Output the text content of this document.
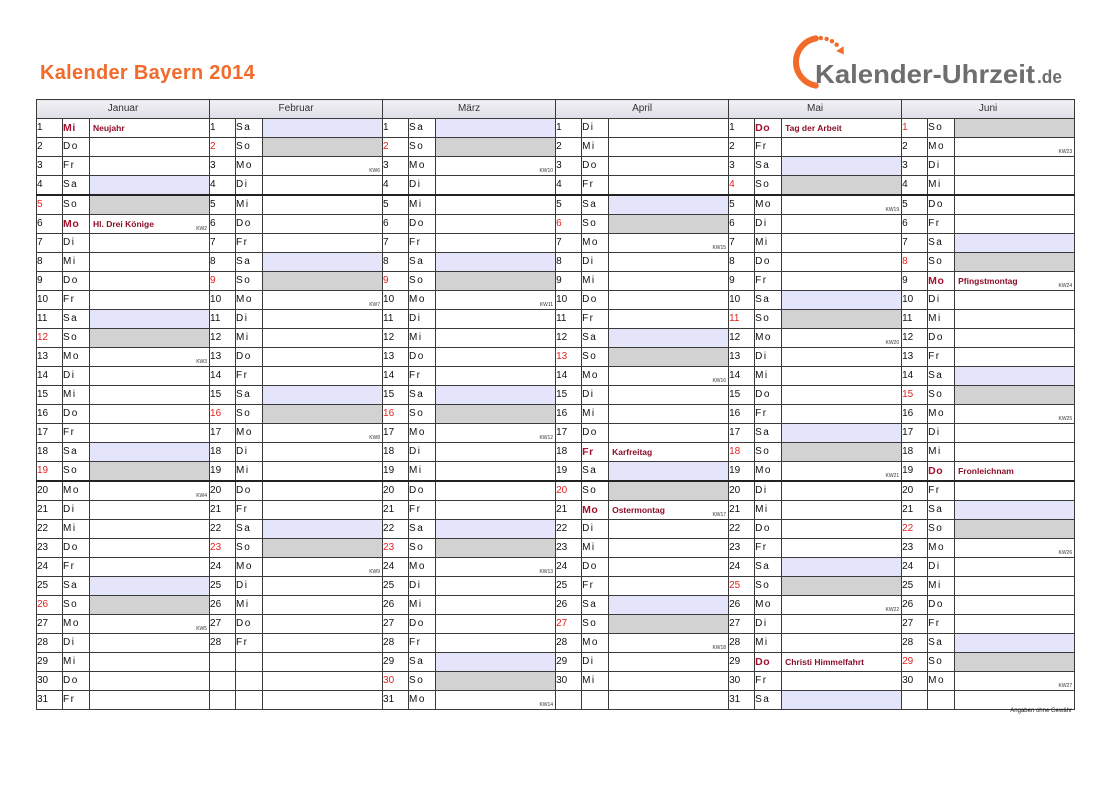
Kalender Bayern 2014	Kalender-Uhrzeit .de
Januar			Februar			März			April			Mai			Juni		
1	Mi	Neujahr	1	Sa		1	Sa		1	Di		1	Do	Tag der Arbeit	1	So	

2	Do		2	So		2	So		2	Mi		2	Fr		2	Mo	KW23

3	Fr		3	Mo	KW6	3	Mo	KW10	3	Do		3	Sa		3	Di	

4	Sa		4	Di		4	Di		4	Fr		4	So		4	Mi	

5	So		5	Mi		5	Mi		5	Sa		5	Mo	KW19	5	Do	

6	Mo	Hl. Drei Könige KW2	6	Do		6	Do		6	So		6	Di		6	Fr	

7	Di		7	Fr		7	Fr		7	Mo	KW15	7	Mi		7	Sa	

8	Mi		8	Sa		8	Sa		8	Di		8	Do		8	So	

9	Do		9	So		9	So		9	Mi		9	Fr		9	Mo	Pfingstmontag KW24

10	Fr		10	Mo	KW7	10	Mo	KW11	10	Do		10	Sa		10	Di	

11	Sa		11	Di		11	Di		11	Fr		11	So		11	Mi	

12	So		12	Mi		12	Mi		12	Sa		12	Mo	KW20	12	Do	

13	Mo	KW3	13	Do		13	Do		13	So		13	Di		13	Fr	

14	Di		14	Fr		14	Fr		14	Mo	KW16	14	Mi		14	Sa	

15	Mi		15	Sa		15	Sa		15	Di		15	Do		15	So	

16	Do		16	So		16	So		16	Mi		16	Fr		16	Mo	KW25

17	Fr		17	Mo	KW8	17	Mo	KW12	17	Do		17	Sa		17	Di	

18	Sa		18	Di		18	Di		18	Fr	Karfreitag	18	So		18	Mi	

19	So		19	Mi		19	Mi		19	Sa		19	Mo	KW21	19	Do	Fronleichnam

20	Mo	KW4	20	Do		20	Do		20	So		20	Di		20	Fr	

21	Di		21	Fr		21	Fr		21	Mo	Ostermontag KW17	21	Mi		21	Sa	

22	Mi		22	Sa		22	Sa		22	Di		22	Do		22	So	

23	Do		23	So		23	So		23	Mi		23	Fr		23	Mo	KW26

24	Fr		24	Mo	KW9	24	Mo	KW13	24	Do		24	Sa		24	Di	

25	Sa		25	Di		25	Di		25	Fr		25	So		25	Mi	

26	So		26	Mi		26	Mi		26	Sa		26	Mo	KW22	26	Do	

27	Mo	KW5	27	Do		27	Do		27	So		27	Di		27	Fr	

28	Di		28	Fr		28	Fr		28	Mo	KW18	28	Mi		28	Sa	

29	Mi					29	Sa		29	Di		29	Do	Christi Himmelfahrt	29	So	

30	Do					30	So		30	Mi		30	Fr		30	Mo	KW27

31	Fr					31	Mo	KW14				31	Sa	

Angaben ohne Gewähr
